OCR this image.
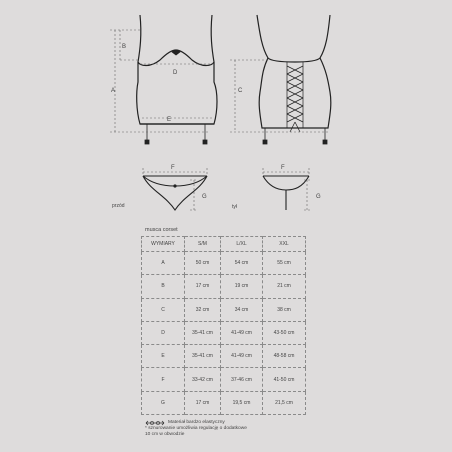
A
B
D
E
C
F
G
F
G
przód	tył
musca corset
WYMIARY	S/M	L/XL	XXL
A	50 cm	54 cm	55 cm
B	17 cm	19 cm	21 cm
C	32 cm	34 cm	38 cm
D	35-41 cm	41-49 cm	43-50 cm
E	35-41 cm	41-49 cm	48-58 cm
F	33-42 cm	37-46 cm	41-50 cm
G	17 cm	19,5 cm	21,5 cm
Materiał bardzo elastyczny
* sznurowanie umożliwia regulację o dodatkowe
10 cm w obwodzie
